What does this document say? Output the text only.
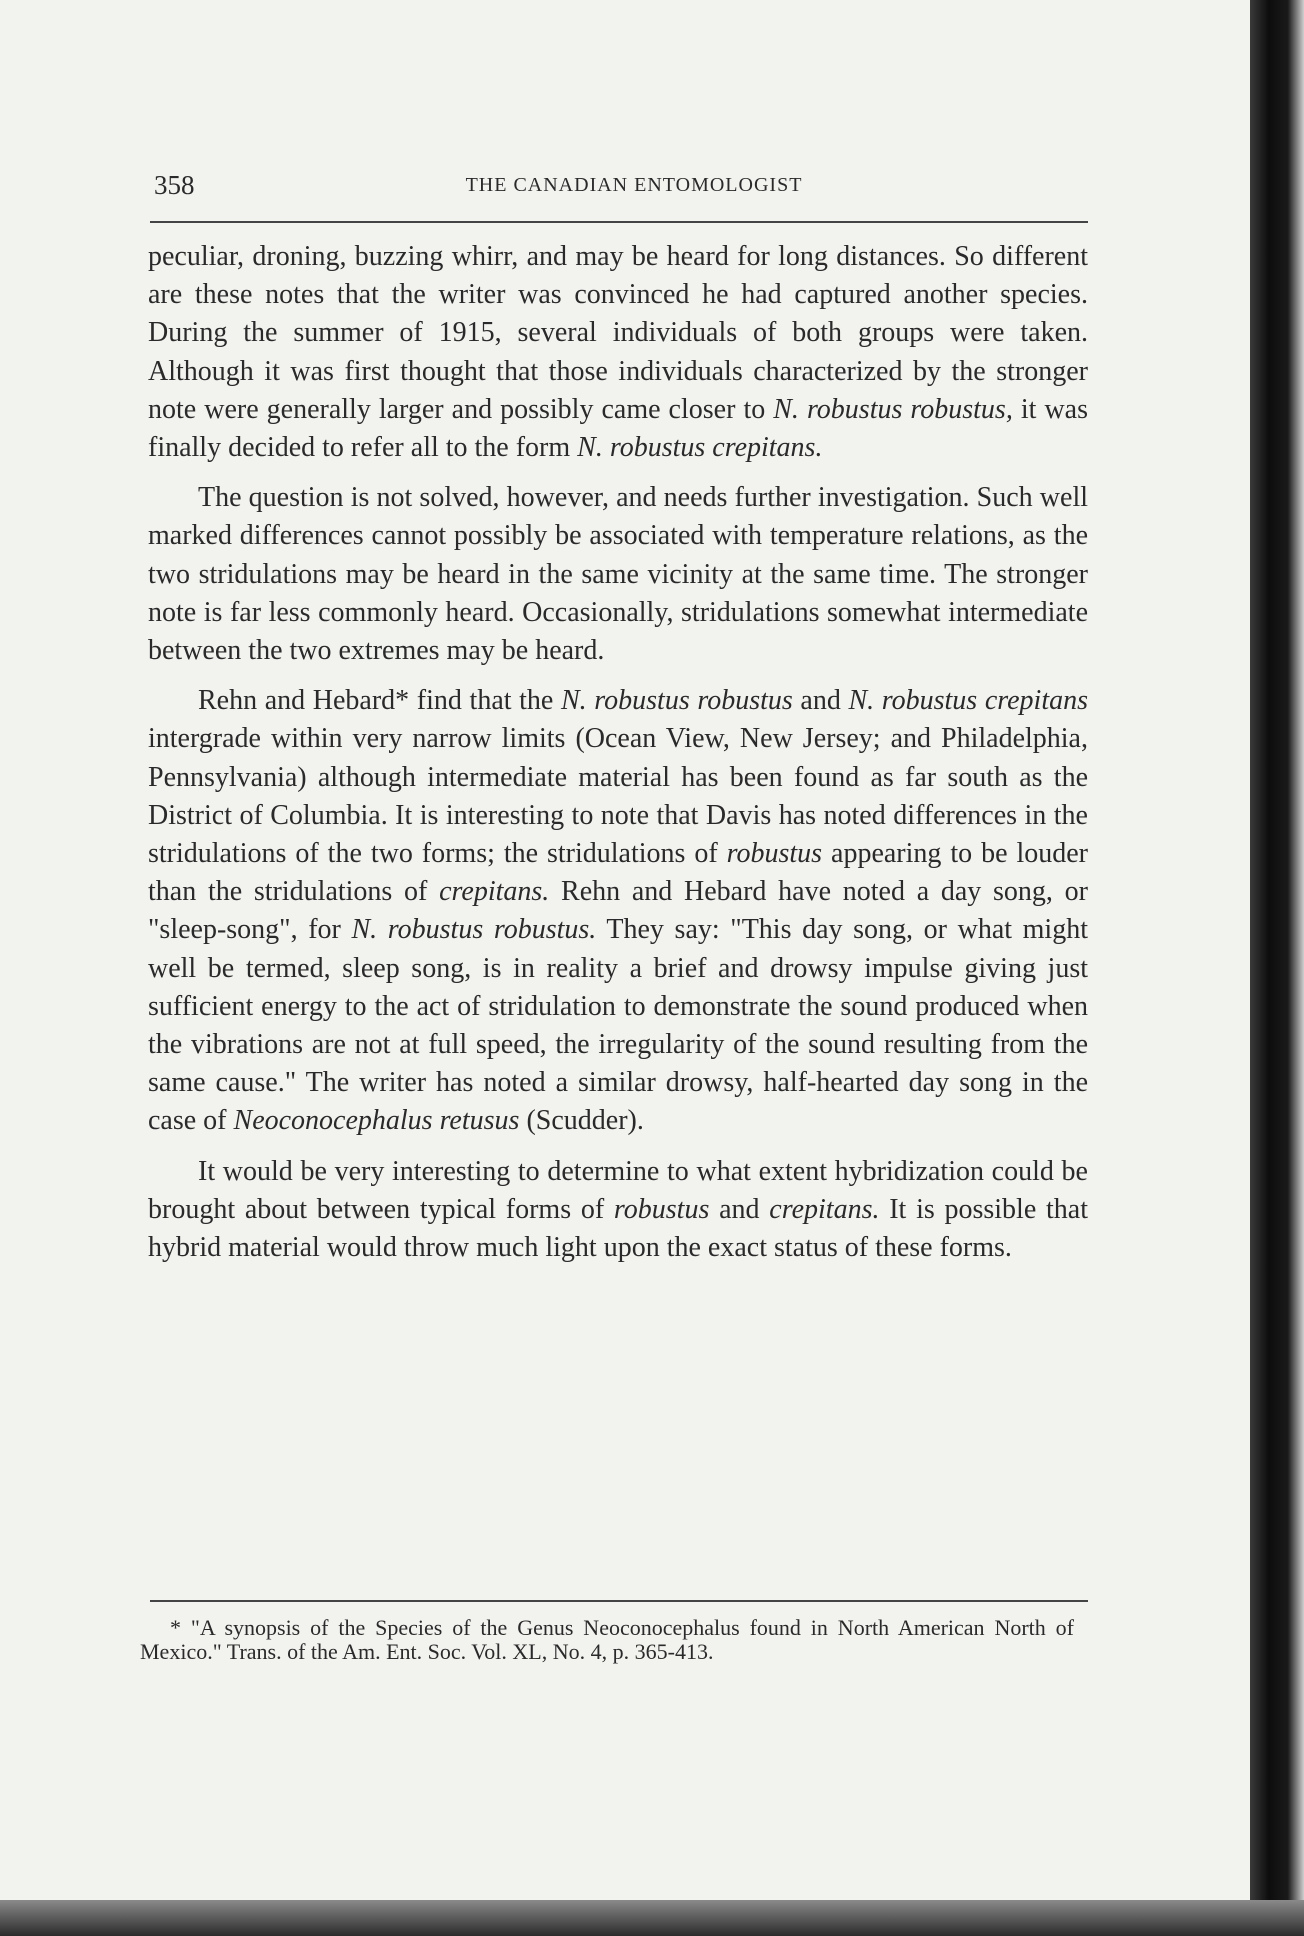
358	THE CANADIAN ENTOMOLOGIST

peculiar, droning, buzzing whirr, and may be heard for long distances. So different are these notes that the writer was convinced he had captured another species. During the summer of 1915, several individuals of both groups were taken. Although it was first thought that those individuals characterized by the stronger note were generally larger and possibly came closer to N. robustus robustus, it was finally decided to refer all to the form N. robustus crepitans.

The question is not solved, however, and needs further investigation. Such well marked differences cannot possibly be associated with temperature relations, as the two stridulations may be heard in the same vicinity at the same time. The stronger note is far less commonly heard. Occasionally, stridulations somewhat intermediate between the two extremes may be heard.

Rehn and Hebard* find that the N. robustus robustus and N. robustus crepitans intergrade within very narrow limits (Ocean View, New Jersey; and Philadelphia, Pennsylvania) although intermediate material has been found as far south as the District of Columbia. It is interesting to note that Davis has noted differences in the stridulations of the two forms; the stridulations of robustus appearing to be louder than the stridulations of crepitans. Rehn and Hebard have noted a day song, or "sleep-song", for N. robustus robustus. They say: "This day song, or what might well be termed, sleep song, is in reality a brief and drowsy impulse giving just sufficient energy to the act of stridulation to demonstrate the sound produced when the vibrations are not at full speed, the irregularity of the sound resulting from the same cause." The writer has noted a similar drowsy, half-hearted day song in the case of Neoconocephalus retusus (Scudder).

It would be very interesting to determine to what extent hybridization could be brought about between typical forms of robustus and crepitans. It is possible that hybrid material would throw much light upon the exact status of these forms.

* "A synopsis of the Species of the Genus Neoconocephalus found in North American North of Mexico." Trans. of the Am. Ent. Soc. Vol. XL, No. 4, p. 365-413.
